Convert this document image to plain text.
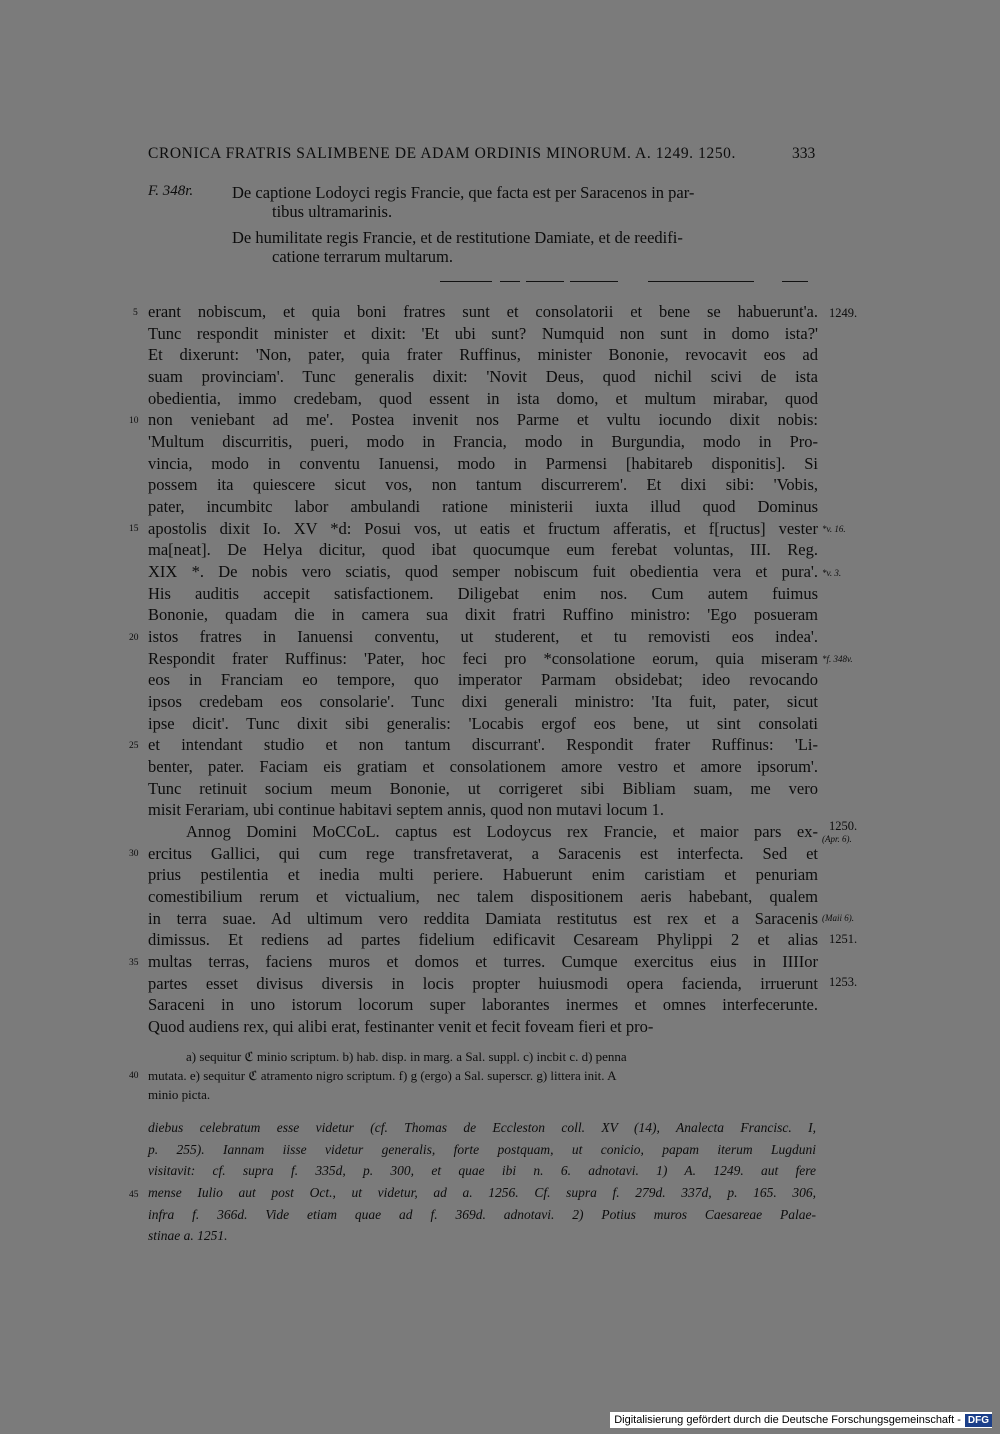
CRONICA FRATRIS SALIMBENE DE ADAM ORDINIS MINORUM. A. 1249. 1250.	333
F. 348r. De captione Lodoyci regis Francie, que facta est per Saracenos in par-
tibus ultramarinis.
De humilitate regis Francie, et de restitutione Damiate, et de reedifi-
catione terrarum multarum.
erant nobiscum, et quia boni fratres sunt et consolatorii et bene se habuerunt'a.
Tunc respondit minister et dixit: 'Et ubi sunt? Numquid non sunt in domo ista?'
Et dixerunt: 'Non, pater, quia frater Ruffinus, minister Bononie, revocavit eos ad
suam provinciam'. Tunc generalis dixit: 'Novit Deus, quod nichil scivi de ista
obedientia, immo credebam, quod essent in ista domo, et multum mirabar, quod
non veniebant ad me'. Postea invenit nos Parme et vultu iocundo dixit nobis:
'Multum discurritis, pueri, modo in Francia, modo in Burgundia, modo in Pro-
vincia, modo in conventu Ianuensi, modo in Parmensi [habitareb disponitis]. Si
possem ita quiescere sicut vos, non tantum discurrerem'. Et dixi sibi: 'Vobis,
pater, incumbitc labor ambulandi ratione ministerii iuxta illud quod Dominus
apostolis dixit Io. XV *d: Posui vos, ut eatis et fructum afferatis, et f[ructus] vester
ma[neat]. De Helya dicitur, quod ibat quocumque eum ferebat voluntas, III. Reg.
XIX *. De nobis vero sciatis, quod semper nobiscum fuit obedientia vera et pura'.
His auditis accepit satisfactionem. Diligebat enim nos. Cum autem fuimus
Bononie, quadam die in camera sua dixit fratri Ruffino ministro: 'Ego posueram
istos fratres in Ianuensi conventu, ut studerent, et tu removisti eos indea'.
Respondit frater Ruffinus: 'Pater, hoc feci pro *consolatione eorum, quia miseram
eos in Franciam eo tempore, quo imperator Parmam obsidebat; ideo revocando
ipsos credebam eos consolarie'. Tunc dixi generali ministro: 'Ita fuit, pater, sicut
ipse dicit'. Tunc dixit sibi generalis: 'Locabis ergof eos bene, ut sint consolati
et intendant studio et non tantum discurrant'. Respondit frater Ruffinus: 'Li-
benter, pater. Faciam eis gratiam et consolationem amore vestro et amore ipsorum'.
Tunc retinuit socium meum Bononie, ut corrigeret sibi Bibliam suam, me vero
misit Ferariam, ubi continue habitavi septem annis, quod non mutavi locum 1.
Annog Domini MoCCoL. captus est Lodoycus rex Francie, et maior pars ex-
ercitus Gallici, qui cum rege transfretaverat, a Saracenis est interfecta. Sed et
prius pestilentia et inedia multi periere. Habuerunt enim caristiam et penuriam
comestibilium rerum et victualium, nec talem dispositionem aeris habebant, qualem
in terra suae. Ad ultimum vero reddita Damiata restitutus est rex et a Saracenis
dimissus. Et rediens ad partes fidelium edificavit Cesaream Phylippi 2 et alias
multas terras, faciens muros et domos et turres. Cumque exercitus eius in IIIIor
partes esset divisus diversis in locis propter huiusmodi opera facienda, irruerunt
Saraceni in uno istorum locorum super laborantes inermes et omnes interfecerunte.
Quod audiens rex, qui alibi erat, festinanter venit et fecit foveam fieri et pro-
5
10
15
20
25
30
35
1249.
*v. 16.
*v. 3.
*f. 348v.
1250.
(Apr. 6).
(Maii 6).
1251.
1253.
a) sequitur ℭ minio scriptum. b) hab. disp. in marg. a Sal. suppl. c) incbit c. d) penna
mutata. e) sequitur ℭ atramento nigro scriptum. f) g (ergo) a Sal. superscr. g) littera init. A
minio picta.
40
diebus celebratum esse videtur (cf. Thomas de Eccleston coll. XV (14), Analecta Francisc. I,
p. 255). Iannam iisse videtur generalis, forte postquam, ut conicio, papam iterum Lugduni
visitavit: cf. supra f. 335d, p. 300, et quae ibi n. 6. adnotavi. 1) A. 1249. aut fere
mense Iulio aut post Oct., ut videtur, ad a. 1256. Cf. supra f. 279d. 337d, p. 165. 306,
infra f. 366d. Vide etiam quae ad f. 369d. adnotavi. 2) Potius muros Caesareae Palae-
stinae a. 1251.
45
Digitalisierung gefördert durch die Deutsche Forschungsgemeinschaft - DFG
